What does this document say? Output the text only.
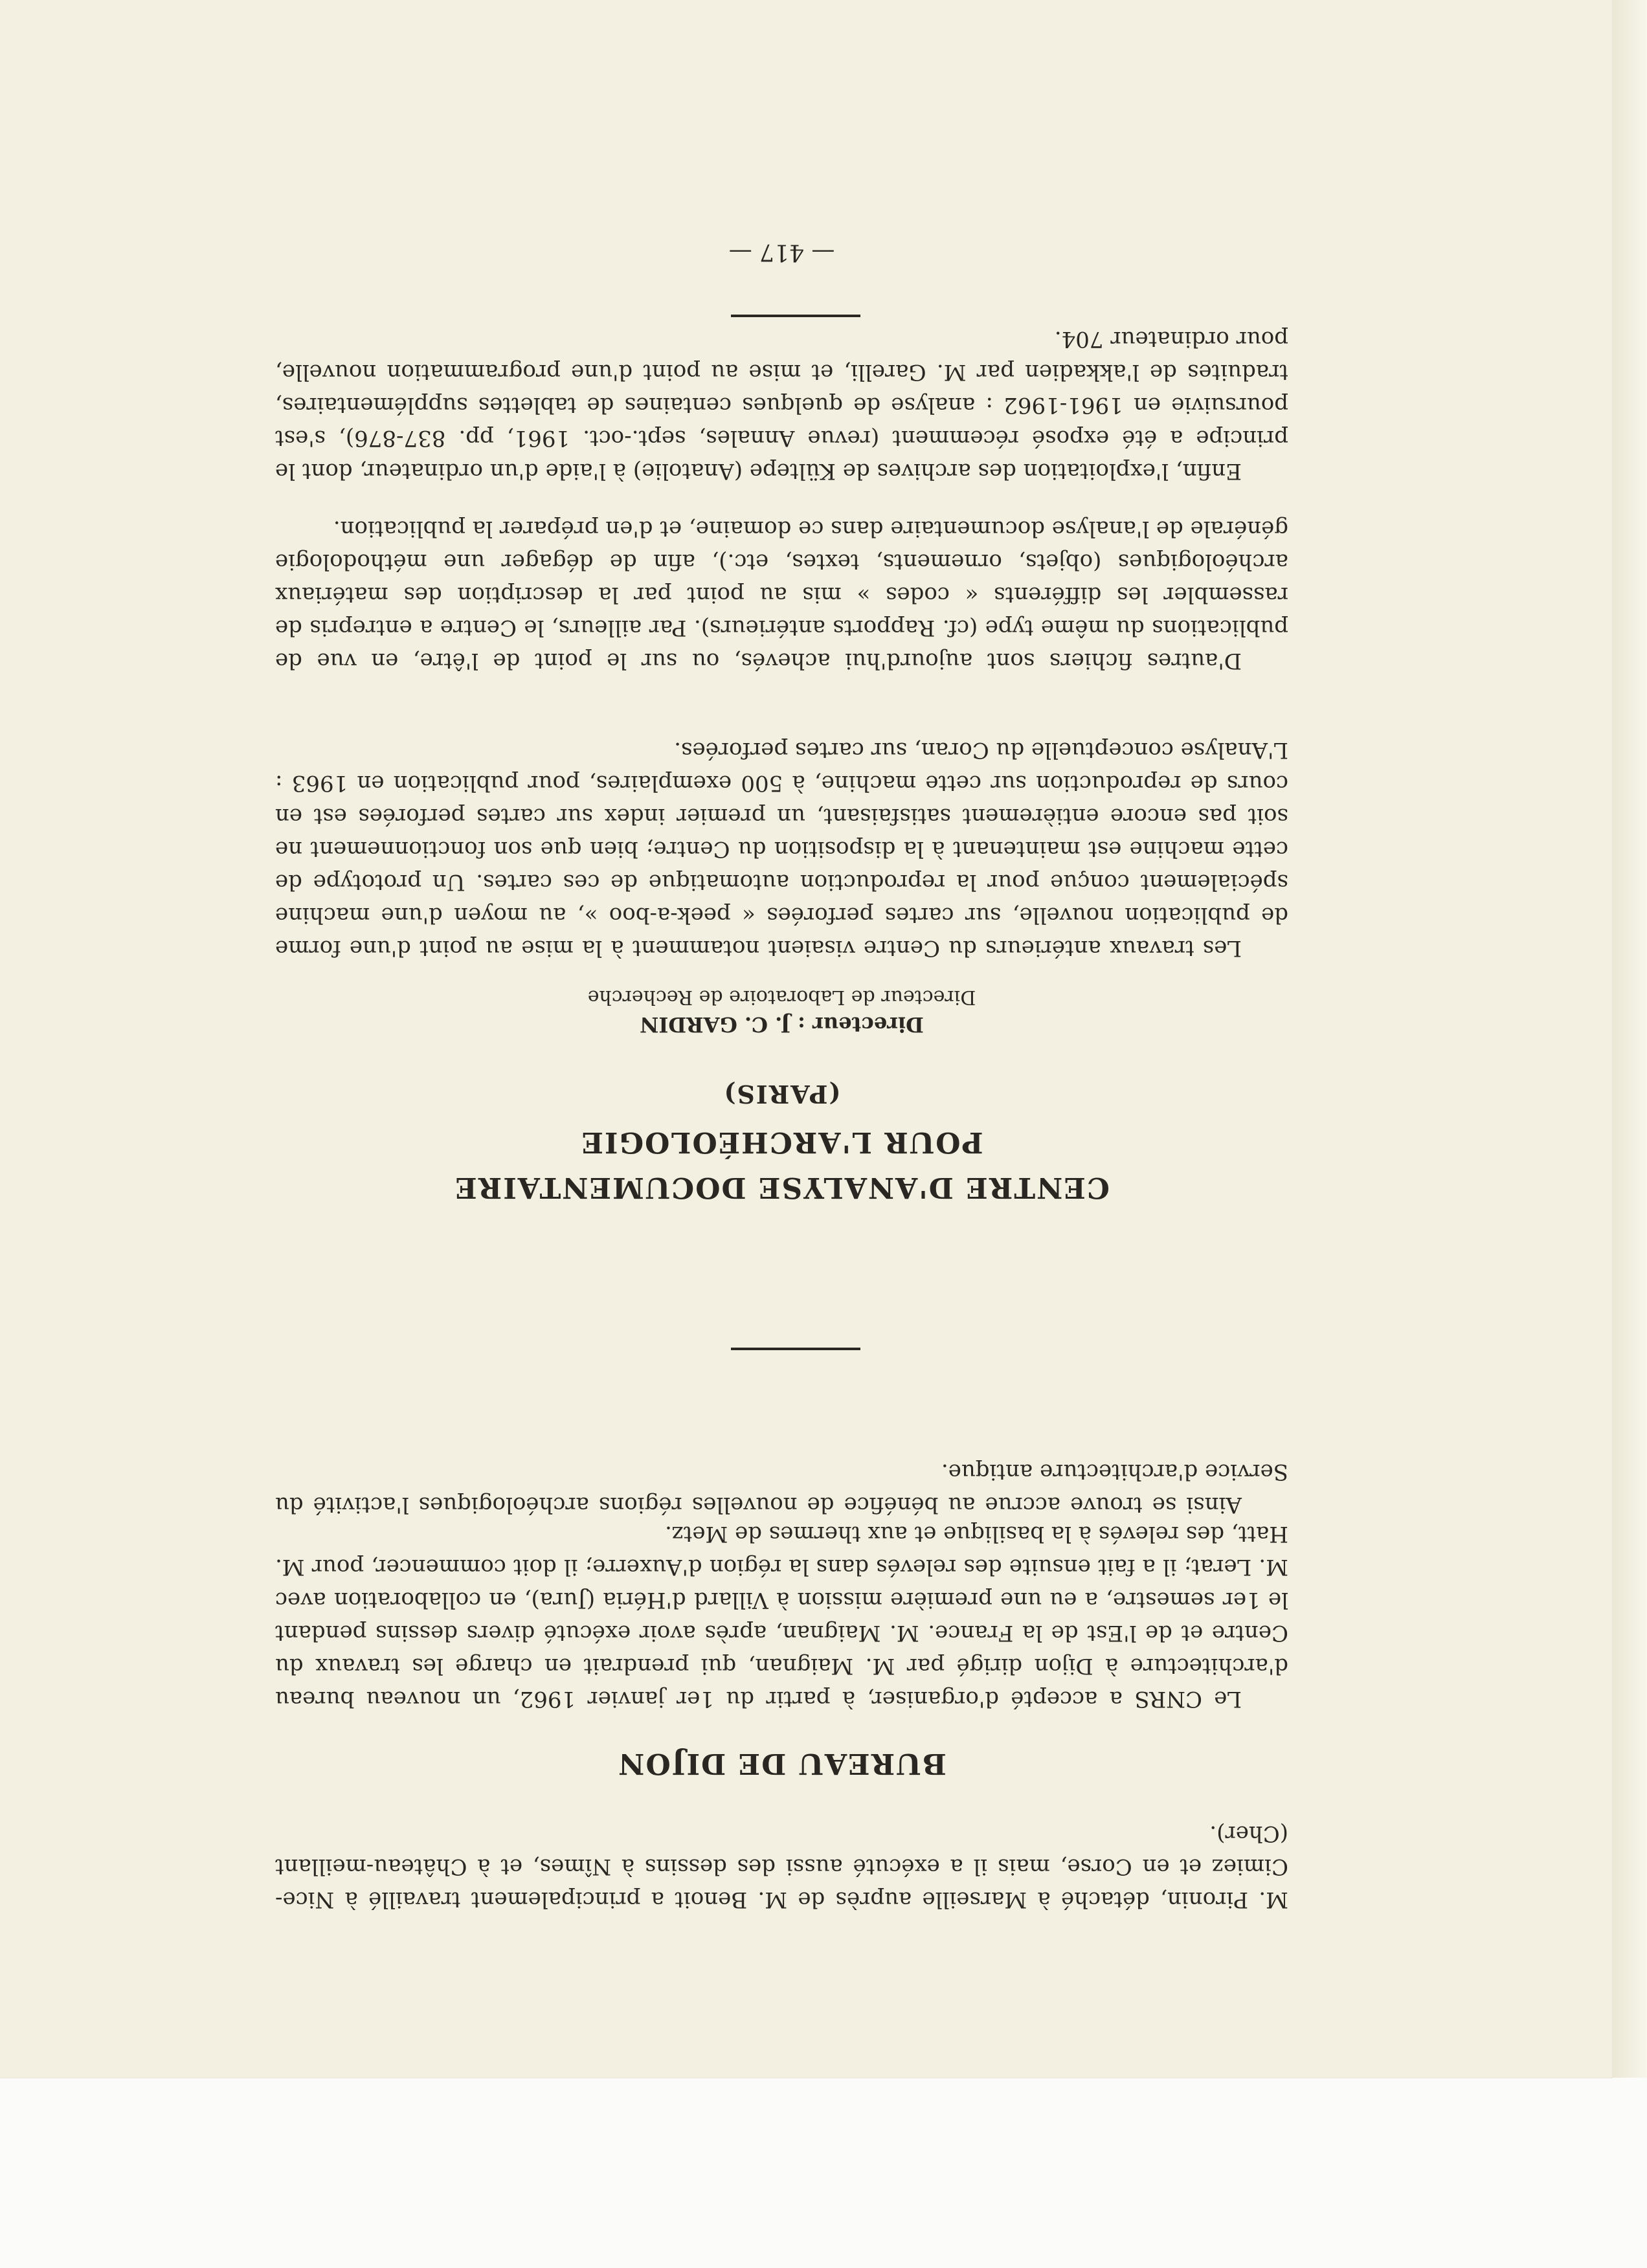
M. Pironin, détaché à Marseille auprès de M. Benoit a principalement travaillé à Nice-Cimiez et en Corse, mais il a exécuté aussi des dessins à Nîmes, et à Château-meillant (Cher).

BUREAU DE DIJON

Le CNRS a accepté d'organiser, à partir du 1er janvier 1962, un nouveau bureau d'architecture à Dijon dirigé par M. Maignan, qui prendrait en charge les travaux du Centre et de l'Est de la France. M. Maignan, après avoir exécuté divers dessins pendant le 1er semestre, a eu une première mission à Villard d'Héria (Jura), en collaboration avec M. Lerat; il a fait ensuite des relevés dans la région d'Auxerre; il doit commencer, pour M. Hatt, des relevés à la basilique et aux thermes de Metz.

Ainsi se trouve accrue au bénéfice de nouvelles régions archéologiques l'activité du Service d'architecture antique.

CENTRE D'ANALYSE DOCUMENTAIRE

POUR L'ARCHÉOLOGIE

(PARIS)

Directeur : J. C. GARDIN

Directeur de Laboratoire de Recherche

Les travaux antérieurs du Centre visaient notamment à la mise au point d'une forme de publication nouvelle, sur cartes perforées « peek-a-boo », au moyen d'une machine spécialement conçue pour la reproduction automatique de ces cartes. Un prototype de cette machine est maintenant à la disposition du Centre; bien que son fonctionnement ne soit pas encore entièrement satisfaisant, un premier index sur cartes perforées est en cours de reproduction sur cette machine, à 500 exemplaires, pour publication en 1963 : L'Analyse conceptuelle du Coran, sur cartes perforées.

D'autres fichiers sont aujourd'hui achevés, ou sur le point de l'être, en vue de publications du même type (cf. Rapports antérieurs). Par ailleurs, le Centre a entrepris de rassembler les différents « codes » mis au point par la description des matériaux archéologiques (objets, ornements, textes, etc.), afin de dégager une méthodologie générale de l'analyse documentaire dans ce domaine, et d'en préparer la publication.

Enfin, l'exploitation des archives de Kültepe (Anatolie) à l'aide d'un ordinateur, dont le principe a été exposé récemment (revue Annales, sept.-oct. 1961, pp. 837-876), s'est poursuivie en 1961-1962 : analyse de quelques centaines de tablettes supplémentaires, traduites de l'akkadien par M. Garelli, et mise au point d'une programmation nouvelle, pour ordinateur 704.

— 417 —
